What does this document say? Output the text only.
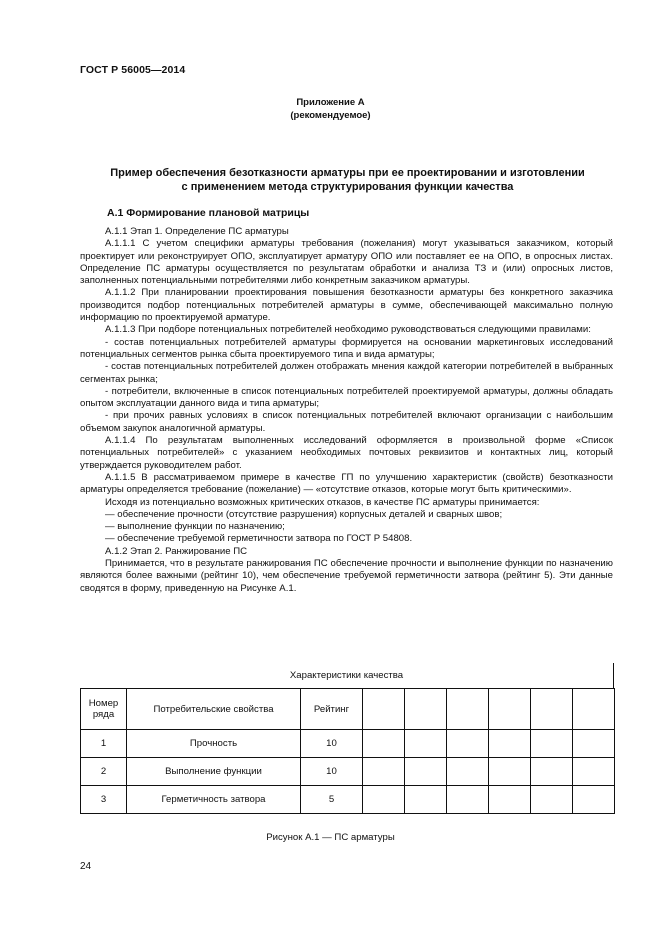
ГОСТ Р 56005—2014
Приложение А
(рекомендуемое)
Пример обеспечения безотказности арматуры при ее проектировании и изготовлении
с применением метода структурирования функции качества
А.1 Формирование плановой матрицы

А.1.1 Этап 1. Определение ПС арматуры

А.1.1.1 С учетом специфики арматуры требования (пожелания) могут указываться заказчиком, который проектирует или реконструирует ОПО, эксплуатирует арматуру ОПО или поставляет ее на ОПО, в опросных листах. Определение ПС арматуры осуществляется по результатам обработки и анализа ТЗ и (или) опросных листов, заполненных потенциальными потребителями либо конкретным заказчиком арматуры.

А.1.1.2 При планировании проектирования повышения безотказности арматуры без конкретного заказчика производится подбор потенциальных потребителей арматуры в сумме, обеспечивающей максимально полную информацию по проектируемой арматуре.

А.1.1.3 При подборе потенциальных потребителей необходимо руководствоваться следующими правилами:

- состав потенциальных потребителей арматуры формируется на основании маркетинговых исследований потенциальных сегментов рынка сбыта проектируемого типа и вида арматуры;

- состав потенциальных потребителей должен отображать мнения каждой категории потребителей в выбранных сегментах рынка;

- потребители, включенные в список потенциальных потребителей проектируемой арматуры, должны обладать опытом эксплуатации данного вида и типа арматуры;

- при прочих равных условиях в список потенциальных потребителей включают организации с наибольшим объемом закупок аналогичной арматуры.

А.1.1.4 По результатам выполненных исследований оформляется в произвольной форме «Список потенциальных потребителей» с указанием необходимых почтовых реквизитов и контактных лиц, который утверждается руководителем работ.

А.1.1.5 В рассматриваемом примере в качестве ГП по улучшению характеристик (свойств) безотказности арматуры определяется требование (пожелание) — «отсутствие отказов, которые могут быть критическими».

Исходя из потенциально возможных критических отказов, в качестве ПС арматуры принимается:

— обеспечение прочности (отсутствие разрушения) корпусных деталей и сварных швов;

— выполнение функции по назначению;

— обеспечение требуемой герметичности затвора по ГОСТ Р 54808.

А.1.2 Этап 2. Ранжирование ПС

Принимается, что в результате ранжирования ПС обеспечение прочности и выполнение функции по назначению являются более важными (рейтинг 10), чем обеспечение требуемой герметичности затвора (рейтинг 5). Эти данные сводятся в форму, приведенную на Рисунке А.1.

Характеристики качества
Номер ряда	Потребительские свойства	Рейтинг						
1	Прочность	10						
2	Выполнение функции	10						
3	Герметичность затвора	5						
Рисунок А.1 — ПС арматуры
24
